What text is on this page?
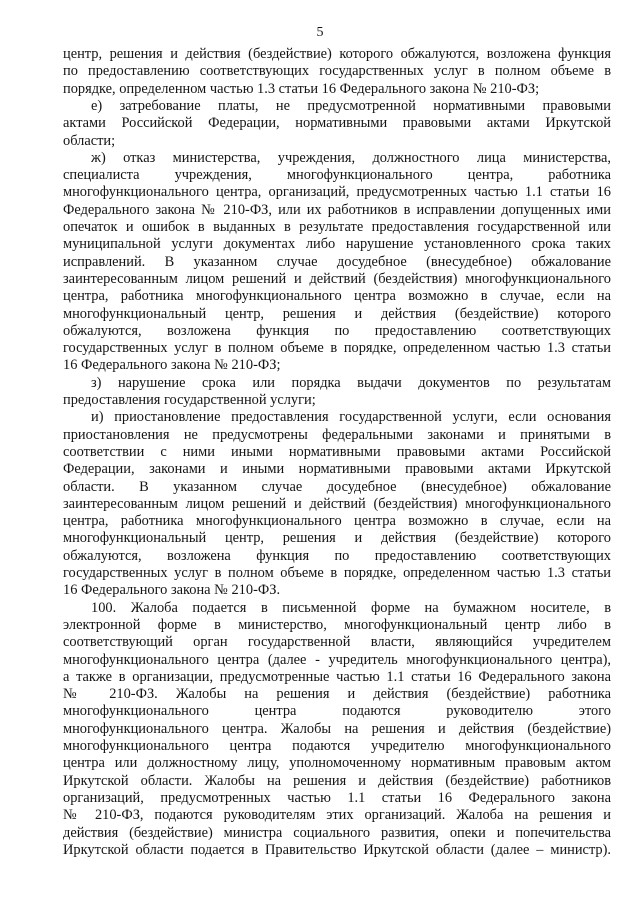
5
центр, решения и действия (бездействие) которого обжалуются, возложена функция
по предоставлению соответствующих государственных услуг в полном объеме в
порядке, определенном частью 1.3 статьи 16 Федерального закона № 210-ФЗ;
е) затребование платы, не предусмотренной нормативными правовыми
актами Российской Федерации, нормативными правовыми актами Иркутской
области;
ж) отказ министерства, учреждения, должностного лица министерства,
специалиста учреждения, многофункционального центра, работника
многофункционального центра, организаций, предусмотренных частью 1.1 статьи 16
Федерального закона № 210-ФЗ, или их работников в исправлении допущенных ими
опечаток и ошибок в выданных в результате предоставления государственной или
муниципальной услуги документах либо нарушение установленного срока таких
исправлений. В указанном случае досудебное (внесудебное) обжалование
заинтересованным лицом решений и действий (бездействия) многофункционального
центра, работника многофункционального центра возможно в случае, если на
многофункциональный центр, решения и действия (бездействие) которого
обжалуются, возложена функция по предоставлению соответствующих
государственных услуг в полном объеме в порядке, определенном частью 1.3 статьи
16 Федерального закона № 210-ФЗ;
з) нарушение срока или порядка выдачи документов по результатам
предоставления государственной услуги;
и) приостановление предоставления государственной услуги, если основания
приостановления не предусмотрены федеральными законами и принятыми в
соответствии с ними иными нормативными правовыми актами Российской
Федерации, законами и иными нормативными правовыми актами Иркутской
области. В указанном случае досудебное (внесудебное) обжалование
заинтересованным лицом решений и действий (бездействия) многофункционального
центра, работника многофункционального центра возможно в случае, если на
многофункциональный центр, решения и действия (бездействие) которого
обжалуются, возложена функция по предоставлению соответствующих
государственных услуг в полном объеме в порядке, определенном частью 1.3 статьи
16 Федерального закона № 210-ФЗ.
100. Жалоба подается в письменной форме на бумажном носителе, в
электронной форме в министерство, многофункциональный центр либо в
соответствующий орган государственной власти, являющийся учредителем
многофункционального центра (далее - учредитель многофункционального центра),
а также в организации, предусмотренные частью 1.1 статьи 16 Федерального закона
№ 210-ФЗ. Жалобы на решения и действия (бездействие) работника
многофункционального центра подаются руководителю этого
многофункционального центра. Жалобы на решения и действия (бездействие)
многофункционального центра подаются учредителю многофункционального
центра или должностному лицу, уполномоченному нормативным правовым актом
Иркутской области. Жалобы на решения и действия (бездействие) работников
организаций, предусмотренных частью 1.1 статьи 16 Федерального закона
№ 210-ФЗ, подаются руководителям этих организаций. Жалоба на решения и
действия (бездействие) министра социального развития, опеки и попечительства
Иркутской области подается в Правительство Иркутской области (далее – министр).
